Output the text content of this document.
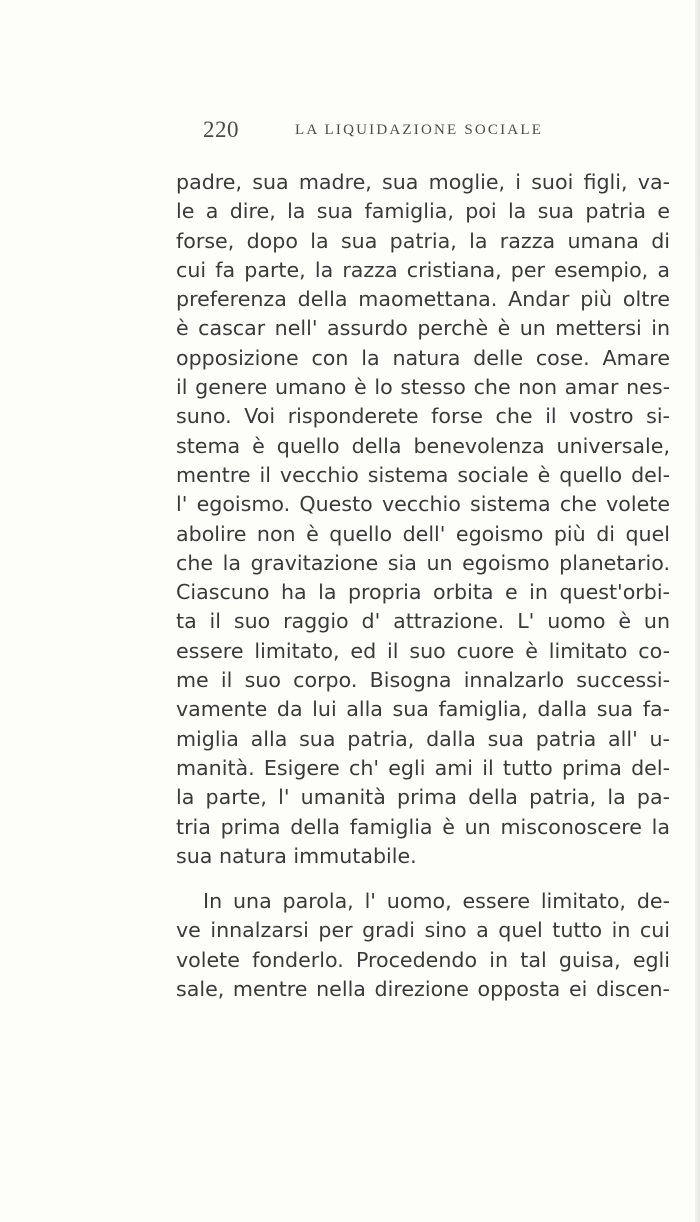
220	LA LIQUIDAZIONE SOCIALE
padre, sua madre, sua moglie, i suoi figli, va-
le a dire, la sua famiglia, poi la sua patria e
forse, dopo la sua patria, la razza umana di
cui fa parte, la razza cristiana, per esempio, a
preferenza della maomettana. Andar più oltre
è cascar nell' assurdo perchè è un mettersi in
opposizione con la natura delle cose. Amare
il genere umano è lo stesso che non amar nes-
suno. Voi risponderete forse che il vostro si-
stema è quello della benevolenza universale,
mentre il vecchio sistema sociale è quello del-
l' egoismo. Questo vecchio sistema che volete
abolire non è quello dell' egoismo più di quel
che la gravitazione sia un egoismo planetario.
Ciascuno ha la propria orbita e in quest'orbi-
ta il suo raggio d' attrazione. L' uomo è un
essere limitato, ed il suo cuore è limitato co-
me il suo corpo. Bisogna innalzarlo successi-
vamente da lui alla sua famiglia, dalla sua fa-
miglia alla sua patria, dalla sua patria all' u-
manità. Esigere ch' egli ami il tutto prima del-
la parte, l' umanità prima della patria, la pa-
tria prima della famiglia è un misconoscere la
sua natura immutabile.
In una parola, l' uomo, essere limitato, de-
ve innalzarsi per gradi sino a quel tutto in cui
volete fonderlo. Procedendo in tal guisa, egli
sale, mentre nella direzione opposta ei discen-
